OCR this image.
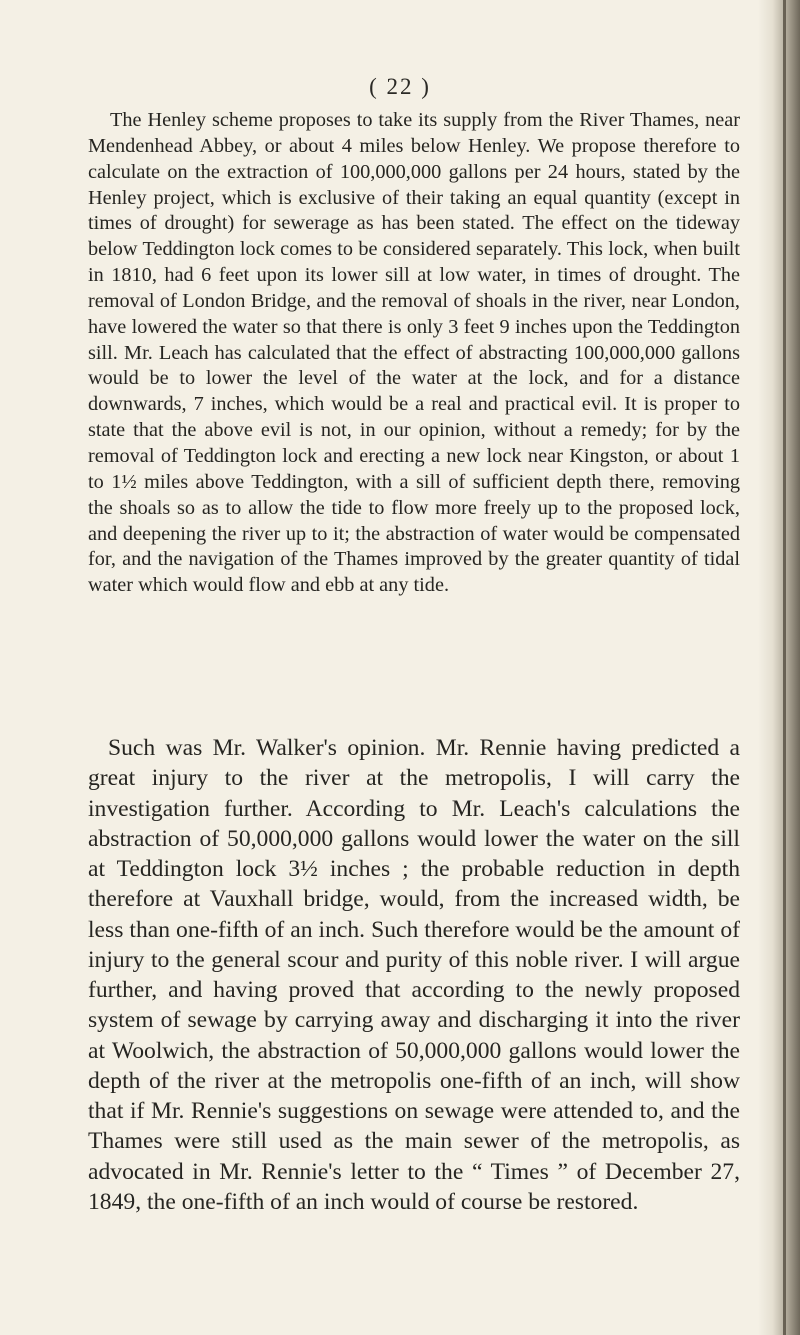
( 22 )

The Henley scheme proposes to take its supply from the River Thames, near Mendenhead Abbey, or about 4 miles below Henley. We propose therefore to calculate on the extraction of 100,000,000 gallons per 24 hours, stated by the Henley project, which is exclusive of their taking an equal quantity (except in times of drought) for sewerage as has been stated. The effect on the tideway below Teddington lock comes to be considered separately. This lock, when built in 1810, had 6 feet upon its lower sill at low water, in times of drought. The removal of London Bridge, and the removal of shoals in the river, near London, have lowered the water so that there is only 3 feet 9 inches upon the Teddington sill. Mr. Leach has calculated that the effect of abstracting 100,000,000 gallons would be to lower the level of the water at the lock, and for a distance downwards, 7 inches, which would be a real and practical evil. It is proper to state that the above evil is not, in our opinion, without a remedy; for by the removal of Teddington lock and erecting a new lock near Kingston, or about 1 to 1½ miles above Teddington, with a sill of sufficient depth there, removing the shoals so as to allow the tide to flow more freely up to the proposed lock, and deepening the river up to it; the abstraction of water would be compensated for, and the navigation of the Thames improved by the greater quantity of tidal water which would flow and ebb at any tide.

Such was Mr. Walker's opinion. Mr. Rennie having predicted a great injury to the river at the metropolis, I will carry the investigation further. According to Mr. Leach's calculations the abstraction of 50,000,000 gallons would lower the water on the sill at Teddington lock 3½ inches ; the probable reduction in depth therefore at Vauxhall bridge, would, from the increased width, be less than one-fifth of an inch. Such therefore would be the amount of injury to the general scour and purity of this noble river. I will argue further, and having proved that according to the newly proposed system of sewage by carrying away and discharging it into the river at Woolwich, the abstraction of 50,000,000 gallons would lower the depth of the river at the metropolis one-fifth of an inch, will show that if Mr. Rennie's suggestions on sewage were attended to, and the Thames were still used as the main sewer of the metropolis, as advocated in Mr. Rennie's letter to the “ Times ” of December 27, 1849, the one-fifth of an inch would of course be restored.
